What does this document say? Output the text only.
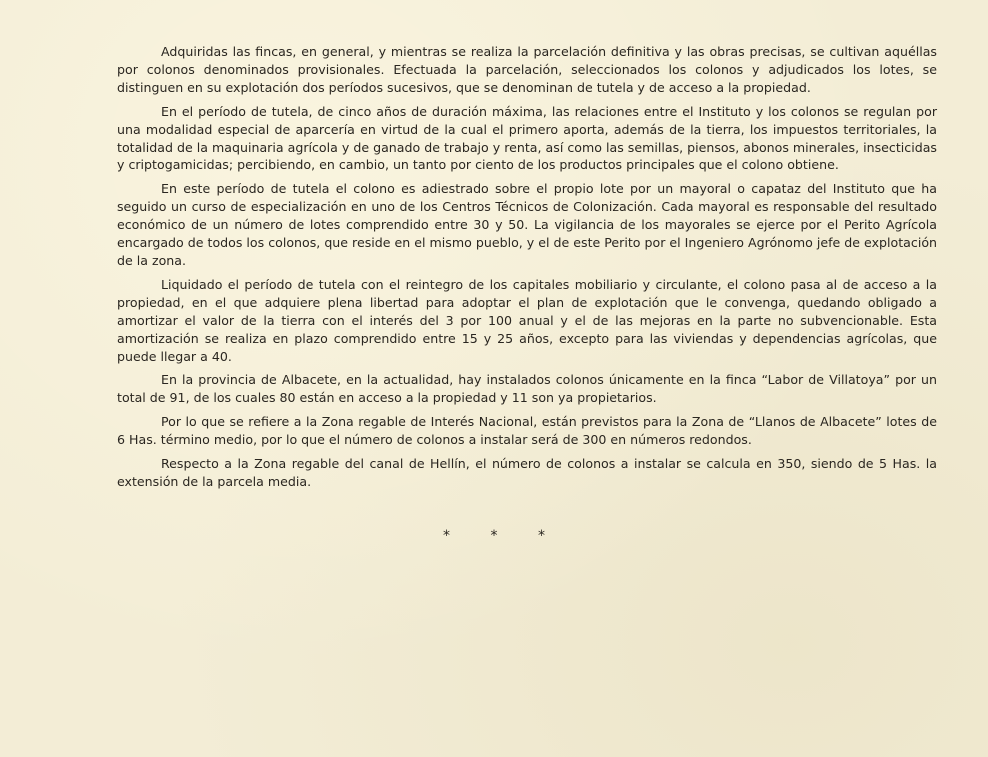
Adquiridas las fincas, en general, y mientras se realiza la parcelación definitiva y las obras precisas, se cultivan aquéllas por colonos denominados provisionales. Efectuada la parcelación, seleccionados los colonos y adjudicados los lotes, se distinguen en su explotación dos períodos sucesivos, que se denominan de tutela y de acceso a la propiedad.

En el período de tutela, de cinco años de duración máxima, las relaciones entre el Instituto y los colonos se regulan por una modalidad especial de aparcería en virtud de la cual el primero aporta, además de la tierra, los impuestos territoriales, la totalidad de la maquinaria agrícola y de ganado de trabajo y renta, así como las semillas, piensos, abonos minerales, insecticidas y criptogamicidas; percibiendo, en cambio, un tanto por ciento de los productos principales que el colono obtiene.

En este período de tutela el colono es adiestrado sobre el propio lote por un mayoral o capataz del Instituto que ha seguido un curso de especialización en uno de los Centros Técnicos de Colonización. Cada mayoral es responsable del resultado económico de un número de lotes comprendido entre 30 y 50. La vigilancia de los mayorales se ejerce por el Perito Agrícola encargado de todos los colonos, que reside en el mismo pueblo, y el de este Perito por el Ingeniero Agrónomo jefe de explotación de la zona.

Liquidado el período de tutela con el reintegro de los capitales mobiliario y circulante, el colono pasa al de acceso a la propiedad, en el que adquiere plena libertad para adoptar el plan de explotación que le convenga, quedando obligado a amortizar el valor de la tierra con el interés del 3 por 100 anual y el de las mejoras en la parte no subvencionable. Esta amortización se realiza en plazo comprendido entre 15 y 25 años, excepto para las viviendas y dependencias agrícolas, que puede llegar a 40.

En la provincia de Albacete, en la actualidad, hay instalados colonos únicamente en la finca “Labor de Villatoya” por un total de 91, de los cuales 80 están en acceso a la propiedad y 11 son ya propietarios.

Por lo que se refiere a la Zona regable de Interés Nacional, están previstos para la Zona de “Llanos de Albacete” lotes de 6 Has. término medio, por lo que el número de colonos a instalar será de 300 en números redondos.

Respecto a la Zona regable del canal de Hellín, el número de colonos a instalar se calcula en 350, siendo de 5 Has. la extensión de la parcela media.

* * *
